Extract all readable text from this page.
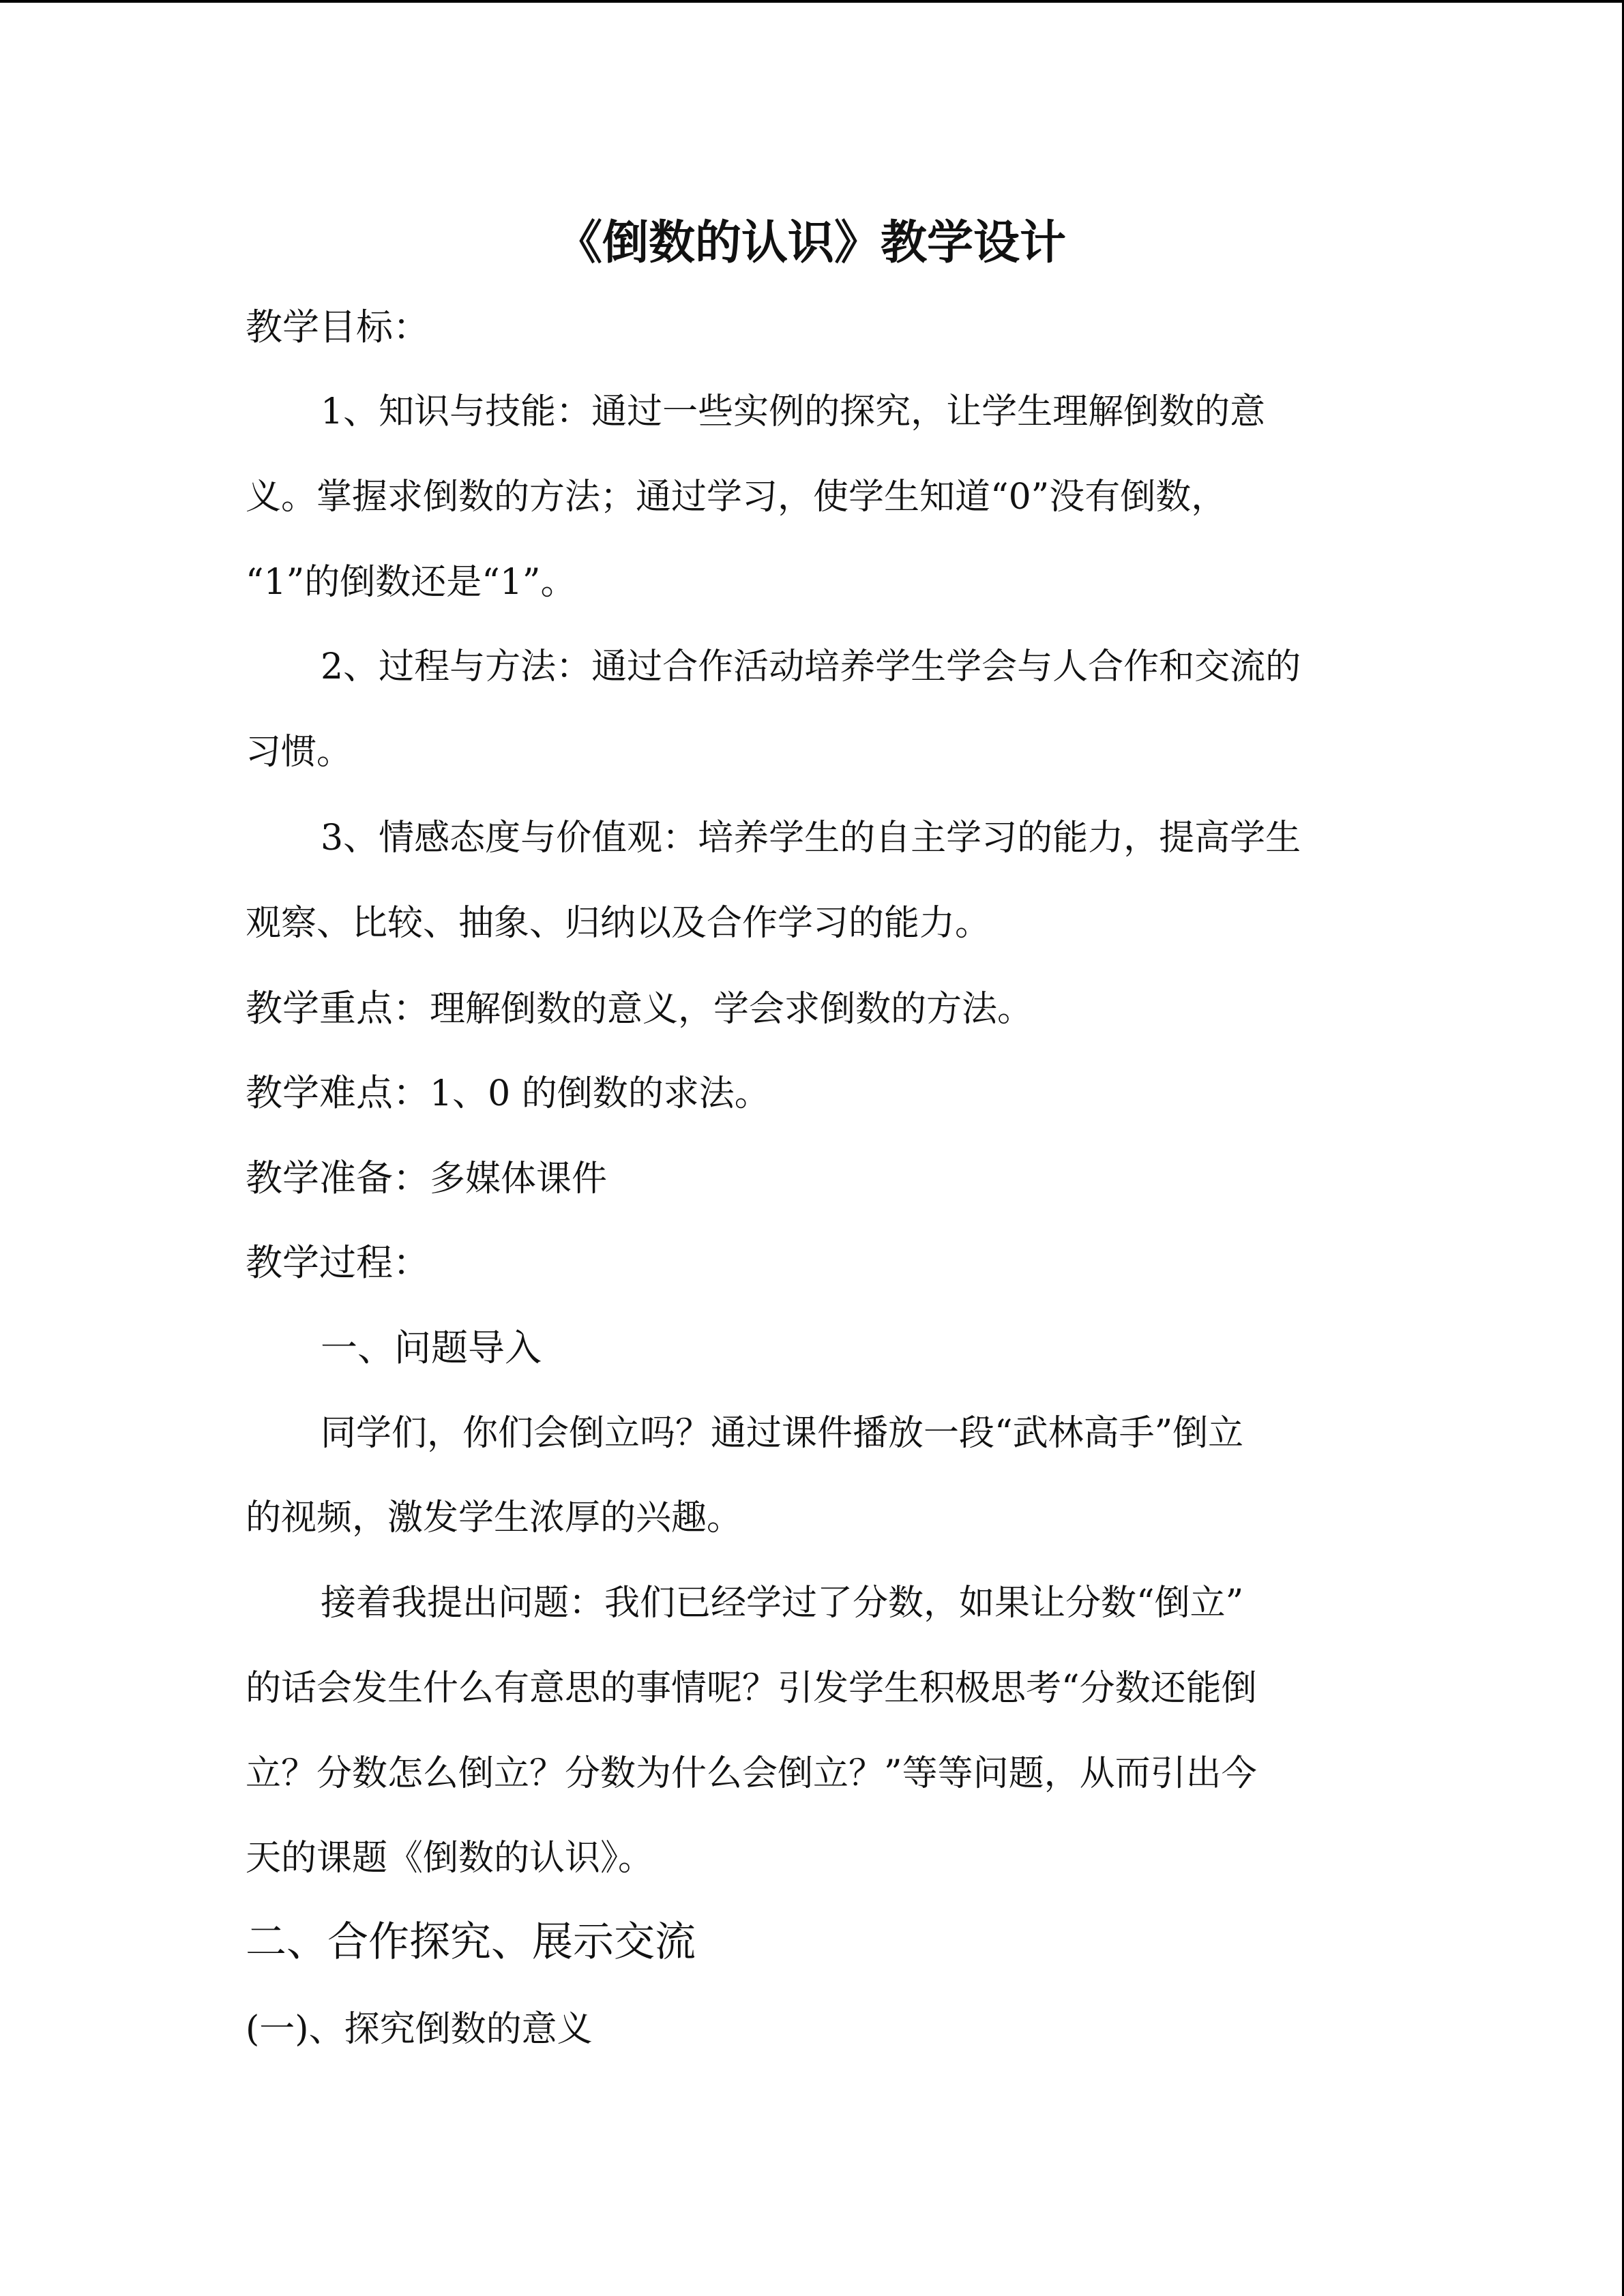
《倒数的认识》教学设计

教学目标：

1、知识与技能：通过一些实例的探究，让学生理解倒数的意

义。掌握求倒数的方法；通过学习，使学生知道“0”没有倒数，

“1”的倒数还是“1”。

2、过程与方法：通过合作活动培养学生学会与人合作和交流的

习惯。

3、情感态度与价值观：培养学生的自主学习的能力，提高学生

观察、比较、抽象、归纳以及合作学习的能力。

教学重点：理解倒数的意义，学会求倒数的方法。

教学难点：1、0 的倒数的求法。

教学准备：多媒体课件

教学过程：

一、问题导入

同学们，你们会倒立吗？通过课件播放一段“武林高手”倒立

的视频，激发学生浓厚的兴趣。

接着我提出问题：我们已经学过了分数，如果让分数“倒立”

的话会发生什么有意思的事情呢？引发学生积极思考“分数还能倒

立？分数怎么倒立？分数为什么会倒立？”等等问题，从而引出今

天的课题《倒数的认识》。

二、合作探究、展示交流

(一)、探究倒数的意义
